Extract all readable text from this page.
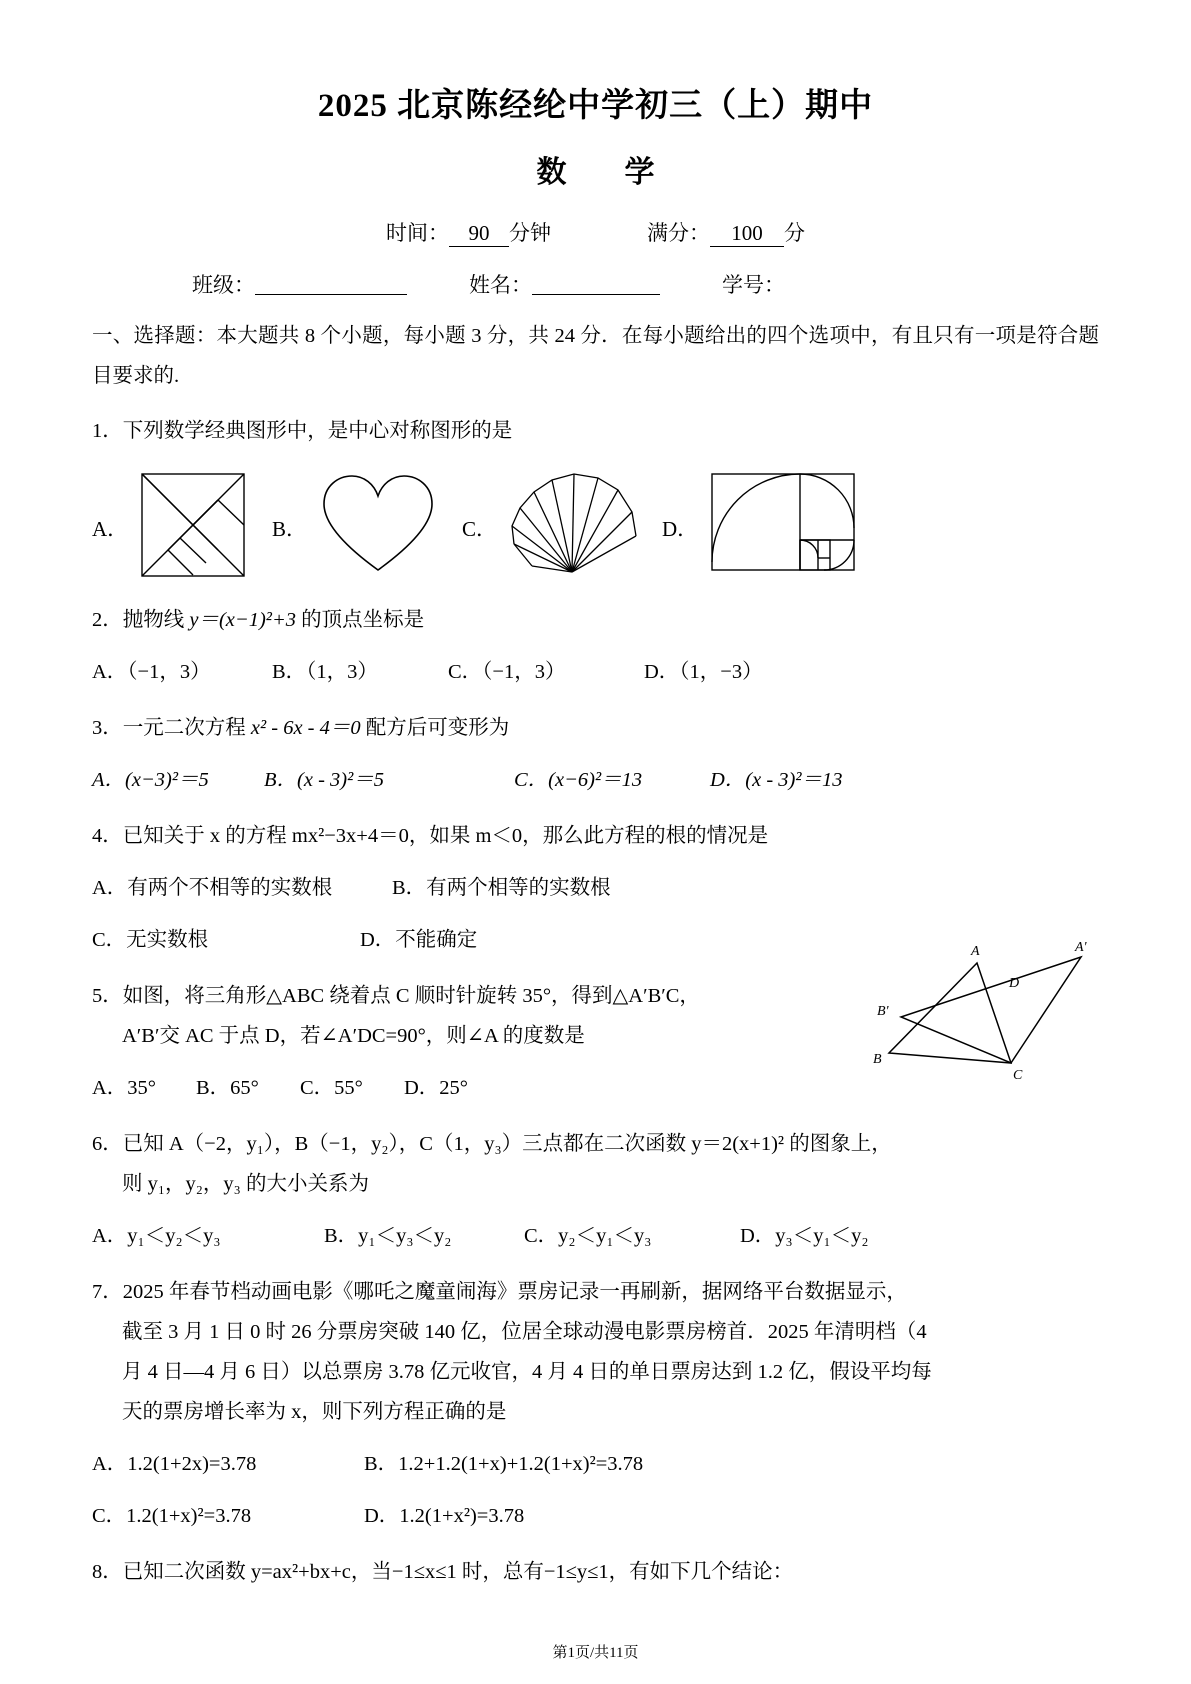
2025 北京陈经纶中学初三（上）期中
数　学
时间： 90 分钟	满分： 100 分
班级：	姓名：	学号：
一、选择题：本大题共 8 个小题，每小题 3 分，共 24 分．在每小题给出的四个选项中，有且只有一项是符合题目要求的.
1．下列数学经典图形中，是中心对称图形的是
A．	B．	C．	D．
2．抛物线 y＝(x−1)²+3 的顶点坐标是
A．（−1，3）	B．（1，3）	C．（−1，3）	D．（1，−3）
3．一元二次方程 x² - 6x - 4＝0 配方后可变形为
A．(x−3)²＝5	B．(x - 3)²＝5	C．(x−6)²＝13	D．(x - 3)²＝13
4．已知关于 x 的方程 mx²−3x+4＝0，如果 m＜0，那么此方程的根的情况是
A．有两个不相等的实数根	B．有两个相等的实数根
C．无实数根	D．不能确定
5．如图，将三角形△ABC 绕着点 C 顺时针旋转 35°，得到△A′B′C，
A′B′交 AC 于点 D，若∠A′DC=90°，则∠A 的度数是
A	A'
B'
D
B
C
A．35°	B．65°	C．55°	D．25°
6．已知 A（−2，y₁），B（−1，y₂），C（1，y₃）三点都在二次函数 y＝2(x+1)² 的图象上，
则 y₁，y₂，y₃ 的大小关系为
A．y₁＜y₂＜y₃	B．y₁＜y₃＜y₂	C．y₂＜y₁＜y₃	D．y₃＜y₁＜y₂
7．2025 年春节档动画电影《哪吒之魔童闹海》票房记录一再刷新，据网络平台数据显示，
截至 3 月 1 日 0 时 26 分票房突破 140 亿，位居全球动漫电影票房榜首．2025 年清明档（4
月 4 日—4 月 6 日）以总票房 3.78 亿元收官，4 月 4 日的单日票房达到 1.2 亿，假设平均每
天的票房增长率为 x，则下列方程正确的是
A．1.2(1+2x)=3.78	B．1.2+1.2(1+x)+1.2(1+x)²=3.78
C．1.2(1+x)²=3.78	D．1.2(1+x²)=3.78
8．已知二次函数 y=ax²+bx+c，当−1≤x≤1 时，总有−1≤y≤1，有如下几个结论：
第1页/共11页
